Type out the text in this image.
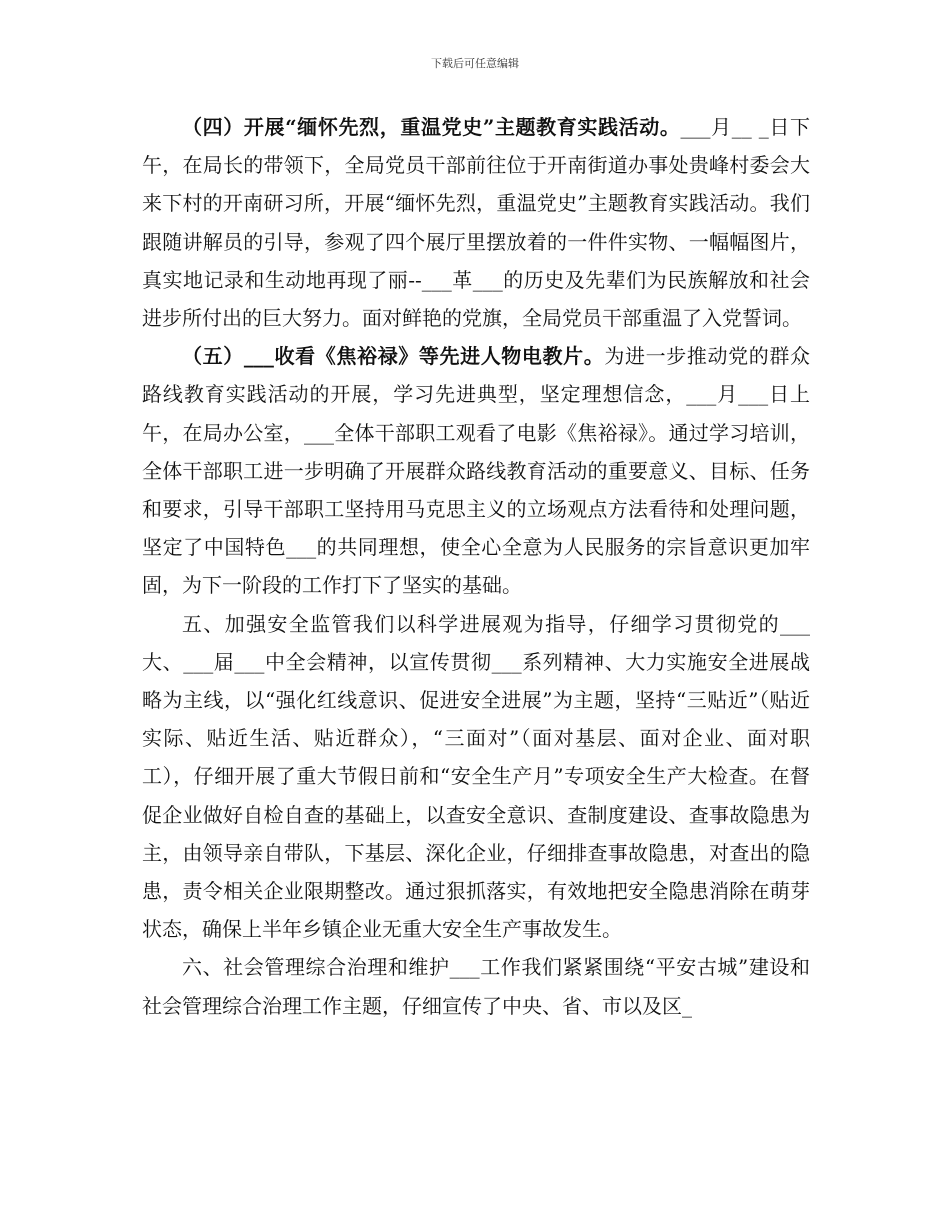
下载后可任意编辑

（四）开展“缅怀先烈，重温党史”主题教育实践活动。___月__ _日下午，在局长的带领下，全局党员干部前往位于开南街道办事处贵峰村委会大来下村的开南研习所，开展“缅怀先烈，重温党史”主题教育实践活动。我们跟随讲解员的引导，参观了四个展厅里摆放着的一件件实物、一幅幅图片，真实地记录和生动地再现了丽--___革___的历史及先辈们为民族解放和社会进步所付出的巨大努力。面对鲜艳的党旗，全局党员干部重温了入党誓词。

（五）___收看《焦裕禄》等先进人物电教片。为进一步推动党的群众路线教育实践活动的开展，学习先进典型，坚定理想信念，___月___日上午，在局办公室，___全体干部职工观看了电影《焦裕禄》。通过学习培训，全体干部职工进一步明确了开展群众路线教育活动的重要意义、目标、任务和要求，引导干部职工坚持用马克思主义的立场观点方法看待和处理问题，坚定了中国特色___的共同理想，使全心全意为人民服务的宗旨意识更加牢固，为下一阶段的工作打下了坚实的基础。

五、加强安全监管我们以科学进展观为指导，仔细学习贯彻党的___大、___届___中全会精神，以宣传贯彻___系列精神、大力实施安全进展战略为主线，以“强化红线意识、促进安全进展”为主题，坚持“三贴近”（贴近实际、贴近生活、贴近群众），“三面对”（面对基层、面对企业、面对职工），仔细开展了重大节假日前和“安全生产月”专项安全生产大检查。在督促企业做好自检自查的基础上，以查安全意识、查制度建设、查事故隐患为主，由领导亲自带队，下基层、深化企业，仔细排查事故隐患，对查出的隐患，责令相关企业限期整改。通过狠抓落实，有效地把安全隐患消除在萌芽状态，确保上半年乡镇企业无重大安全生产事故发生。

六、社会管理综合治理和维护___工作我们紧紧围绕“平安古城”建设和社会管理综合治理工作主题，仔细宣传了中央、省、市以及区_
